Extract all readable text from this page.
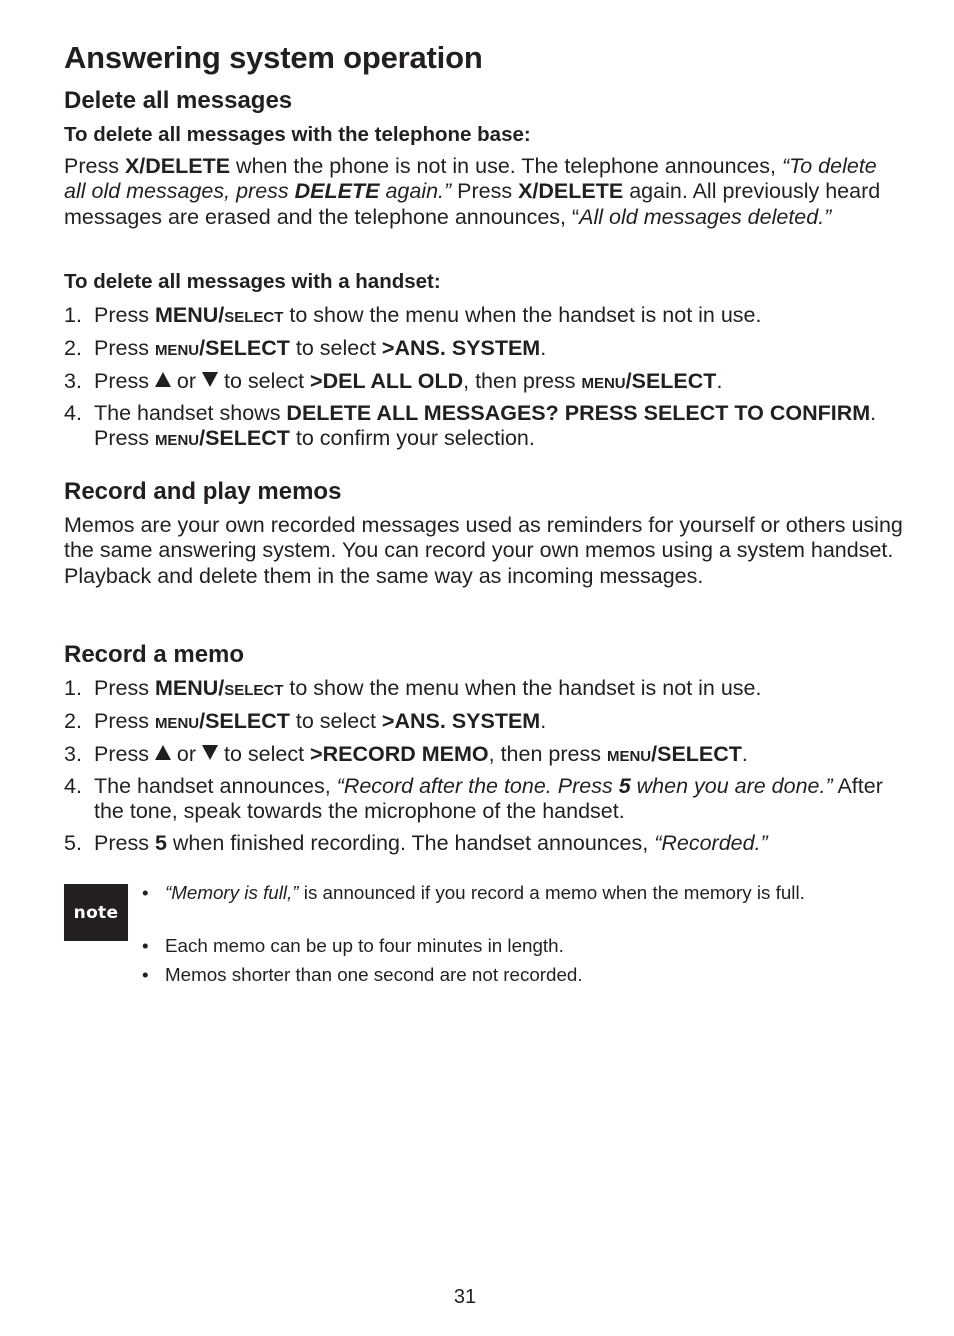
Answering system operation
Delete all messages
To delete all messages with the telephone base:

Press X/DELETE when the phone is not in use. The telephone announces, “To delete all old messages, press DELETE again.” Press X/DELETE again. All previously heard messages are erased and the telephone announces, “All old messages deleted.”

To delete all messages with a handset:
1. Press MENU/SELECT to show the menu when the handset is not in use.
2. Press MENU/SELECT to select >ANS. SYSTEM.
3. Press  or  to select >DEL ALL OLD, then press MENU/SELECT.
4. The handset shows DELETE ALL MESSAGES? PRESS SELECT TO CONFIRM. Press MENU/SELECT to confirm your selection.
Record and play memos

Memos are your own recorded messages used as reminders for yourself or others using the same answering system. You can record your own memos using a system handset. Playback and delete them in the same way as incoming messages.

Record a memo
1. Press MENU/SELECT to show the menu when the handset is not in use.
2. Press MENU/SELECT to select >ANS. SYSTEM.
3. Press  or  to select >RECORD MEMO, then press MENU/SELECT.
4. The handset announces, “Record after the tone. Press 5 when you are done.” After the tone, speak towards the microphone of the handset.
5. Press 5 when finished recording. The handset announces, “Recorded.”
note
• “Memory is full,” is announced if you record a memo when the memory is full.
• Each memo can be up to four minutes in length.
• Memos shorter than one second are not recorded.
31
